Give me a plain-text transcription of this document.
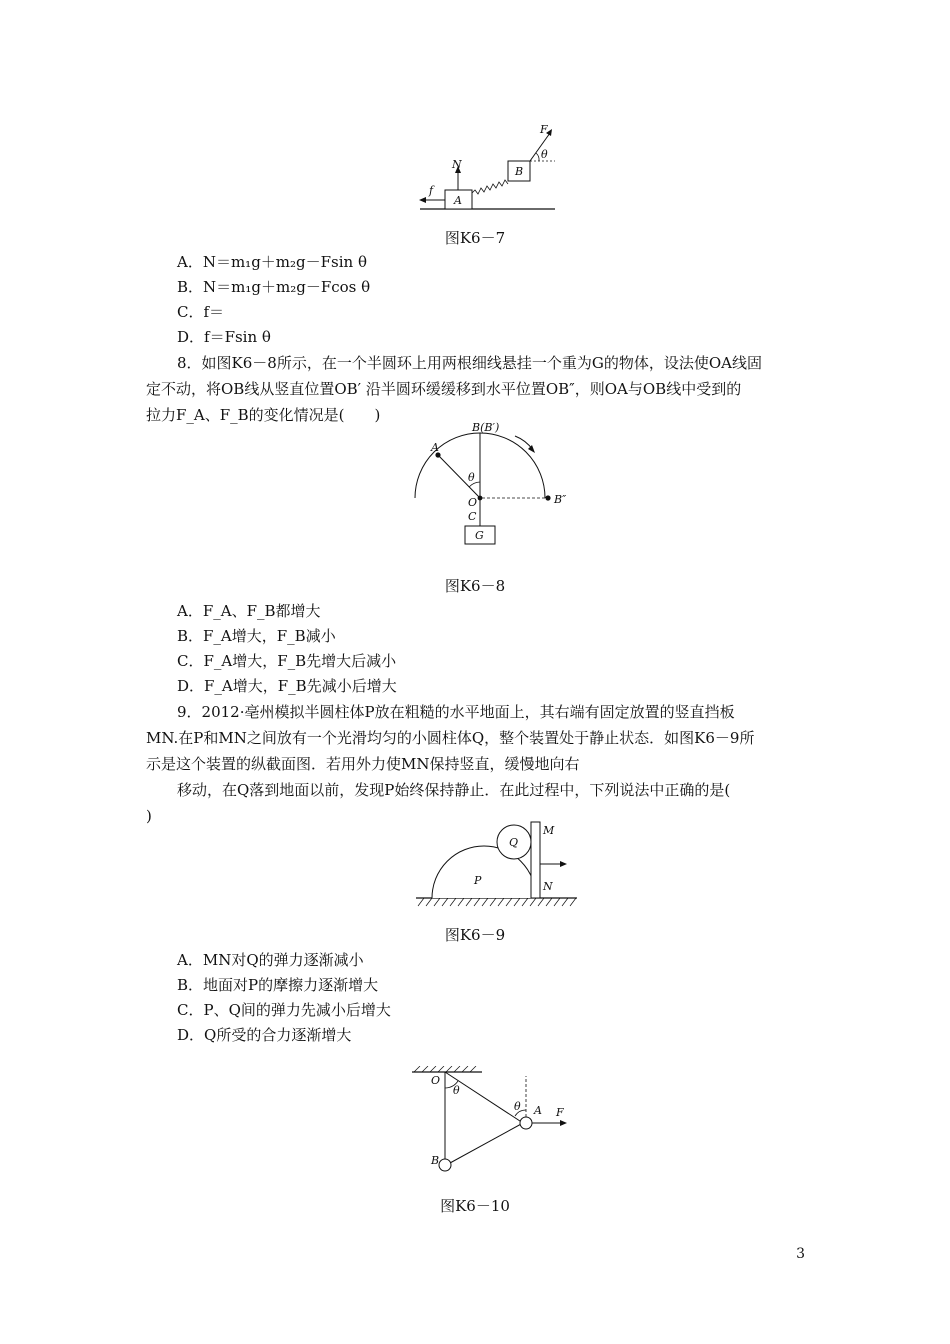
A
N
f
B
F
θ
图K6－7
A．N＝m₁g＋m₂g－Fsin θ
B．N＝m₁g＋m₂g－Fcos θ
C．f＝
D．f＝Fsin θ
8．如图K6－8所示，在一个半圆环上用两根细线悬挂一个重为G的物体，设法使OA线固
定不动，将OB线从竖直位置OB′ 沿半圆环缓缓移到水平位置OB″，则OA与OB线中受到的
拉力F_A、F_B的变化情况是(　　)
θ
A
B(B′)
O	B″
C
G
图K6－8
A．F_A、F_B都增大
B．F_A增大，F_B减小
C．F_A增大，F_B先增大后减小
D．F_A增大，F_B先减小后增大
9．2012·亳州模拟半圆柱体P放在粗糙的水平地面上，其右端有固定放置的竖直挡板
MN.在P和MN之间放有一个光滑均匀的小圆柱体Q，整个装置处于静止状态．如图K6－9所
示是这个装置的纵截面图．若用外力使MN保持竖直，缓慢地向右
移动，在Q落到地面以前，发现P始终保持静止．在此过程中，下列说法中正确的是(
)
Q
M
N
P
图K6－9
A．MN对Q的弹力逐渐减小
B．地面对P的摩擦力逐渐增大
C．P、Q间的弹力先减小后增大
D．Q所受的合力逐渐增大
θ
θ
O
A F
B
图K6－10
3
